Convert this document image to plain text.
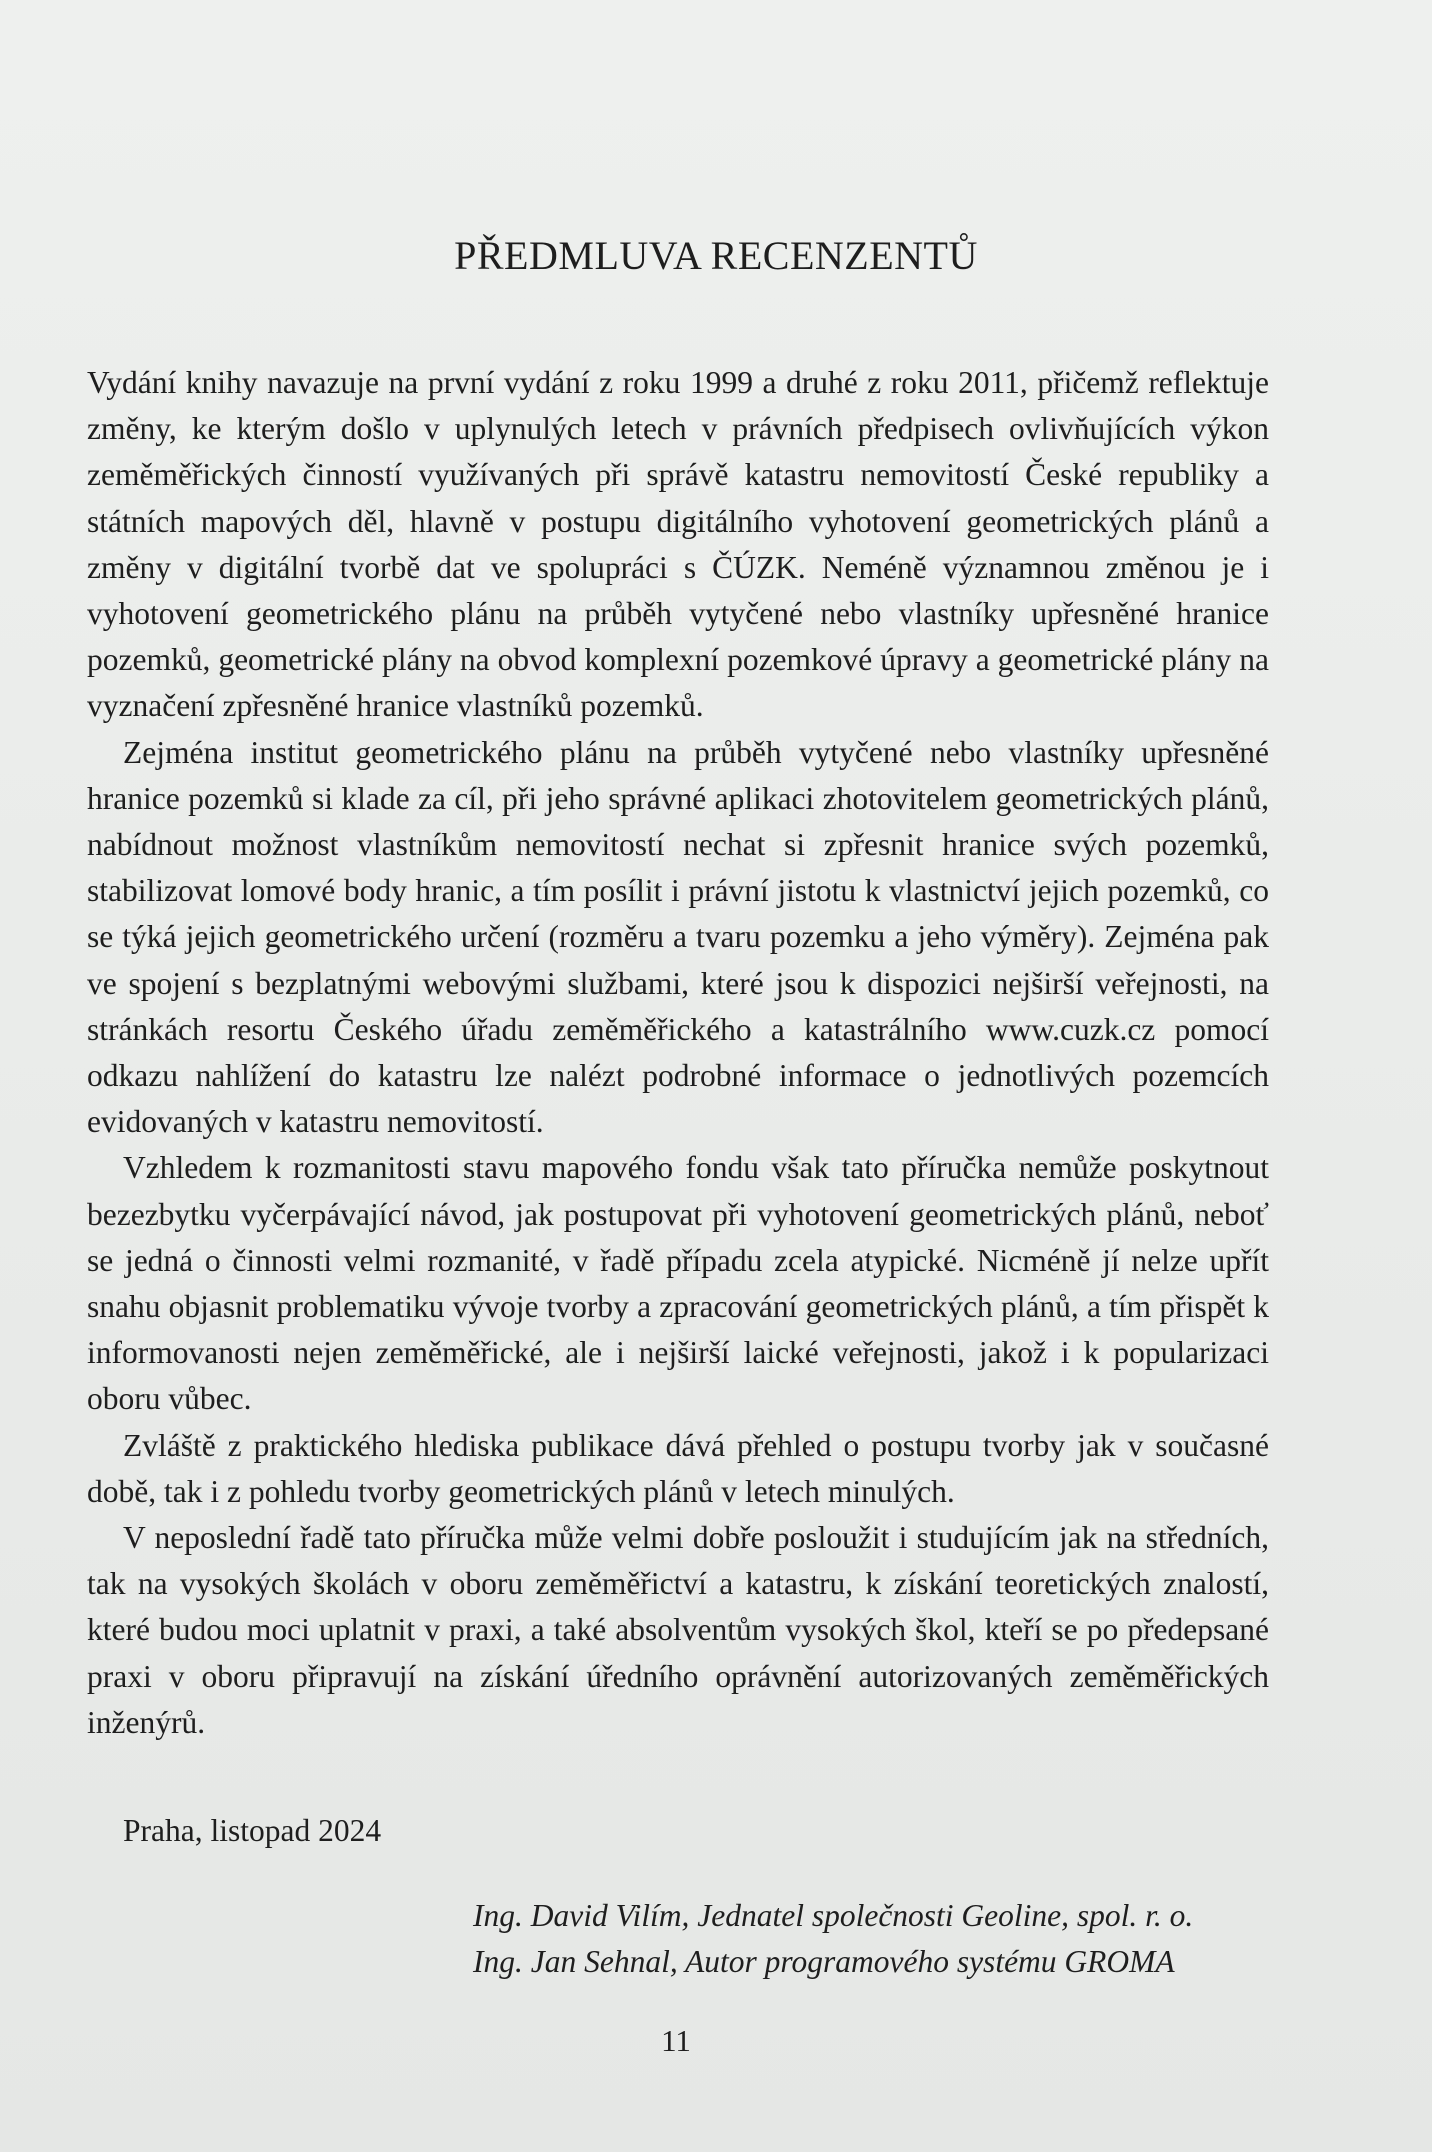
PŘEDMLUVA RECENZENTŮ

Vydání knihy navazuje na první vydání z roku 1999 a druhé z roku 2011, přičemž reflektuje změny, ke kterým došlo v uplynulých letech v právních předpisech ovlivňujících výkon zeměměřických činností využívaných při správě katastru nemovitostí České republiky a státních mapových děl, hlavně v postupu digitálního vyhotovení geometrických plánů a změny v digitální tvorbě dat ve spolupráci s ČÚZK. Neméně významnou změnou je i vyhotovení geometrického plánu na průběh vytyčené nebo vlastníky upřesněné hranice pozemků, geometrické plány na obvod komplexní pozemkové úpravy a geometrické plány na vyznačení zpřesněné hranice vlastníků pozemků.

Zejména institut geometrického plánu na průběh vytyčené nebo vlastníky upřesněné hranice pozemků si klade za cíl, při jeho správné aplikaci zhotovitelem geometrických plánů, nabídnout možnost vlastníkům nemovitostí nechat si zpřesnit hranice svých pozemků, stabilizovat lomové body hranic, a tím posílit i právní jistotu k vlastnictví jejich pozemků, co se týká jejich geometrického určení (rozměru a tvaru pozemku a jeho výměry). Zejména pak ve spojení s bezplatnými webovými službami, které jsou k dispozici nejširší veřejnosti, na stránkách resortu Českého úřadu zeměměřického a katastrálního www.cuzk.cz pomocí odkazu nahlížení do katastru lze nalézt podrobné informace o jednotlivých pozemcích evidovaných v katastru nemovitostí.

Vzhledem k rozmanitosti stavu mapového fondu však tato příručka nemůže poskytnout bezezbytku vyčerpávající návod, jak postupovat při vyhotovení geometrických plánů, neboť se jedná o činnosti velmi rozmanité, v řadě případu zcela atypické. Nicméně jí nelze upřít snahu objasnit problematiku vývoje tvorby a zpracování geometrických plánů, a tím přispět k informovanosti nejen zeměměřické, ale i nejširší laické veřejnosti, jakož i k popularizaci oboru vůbec.

Zvláště z praktického hlediska publikace dává přehled o postupu tvorby jak v současné době, tak i z pohledu tvorby geometrických plánů v letech minulých.

V neposlední řadě tato příručka může velmi dobře posloužit i studujícím jak na středních, tak na vysokých školách v oboru zeměměřictví a katastru, k získání teoretických znalostí, které budou moci uplatnit v praxi, a také absolventům vysokých škol, kteří se po předepsané praxi v oboru připravují na získání úředního oprávnění autorizovaných zeměměřických inženýrů.

Praha, listopad 2024

Ing. David Vilím, Jednatel společnosti Geoline, spol. r. o.
Ing. Jan Sehnal, Autor programového systému GROMA

11
